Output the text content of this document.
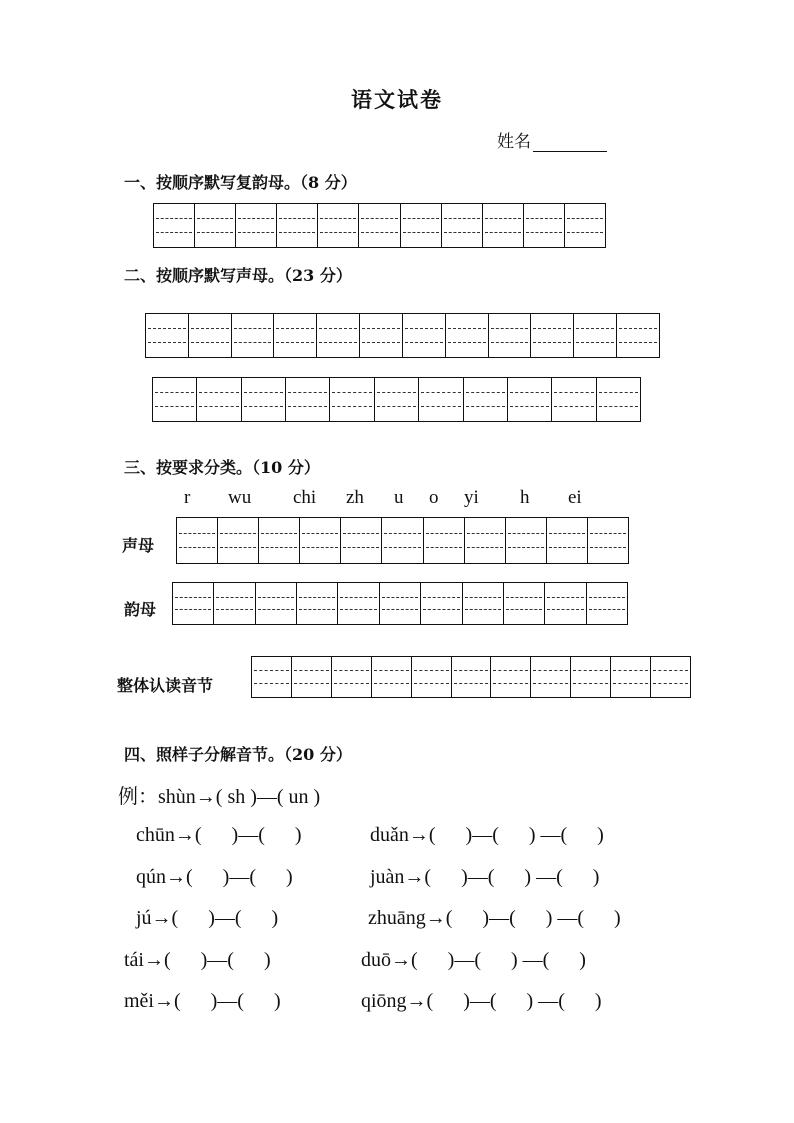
语文试卷
姓名
一、按顺序默写复韵母。（8 分）
二、按顺序默写声母。（23 分）
三、按要求分类。（10 分）
r wu chi zh u o yi h ei
声母
韵母
整体认读音节
四、照样子分解音节。（20 分）
例：shùn→( sh )—( un )
chūn→(      )—(      )	duǎn→(      )—(      ) —(      )
qún→(      )—(      )	juàn→(      )—(      ) —(      )
jú→(      )—(      )	zhuāng→(      )—(      ) —(      )
tái→(      )—(      )	duō→(      )—(      ) —(      )
měi→(      )—(      )	qiōng→(      )—(      ) —(      )
